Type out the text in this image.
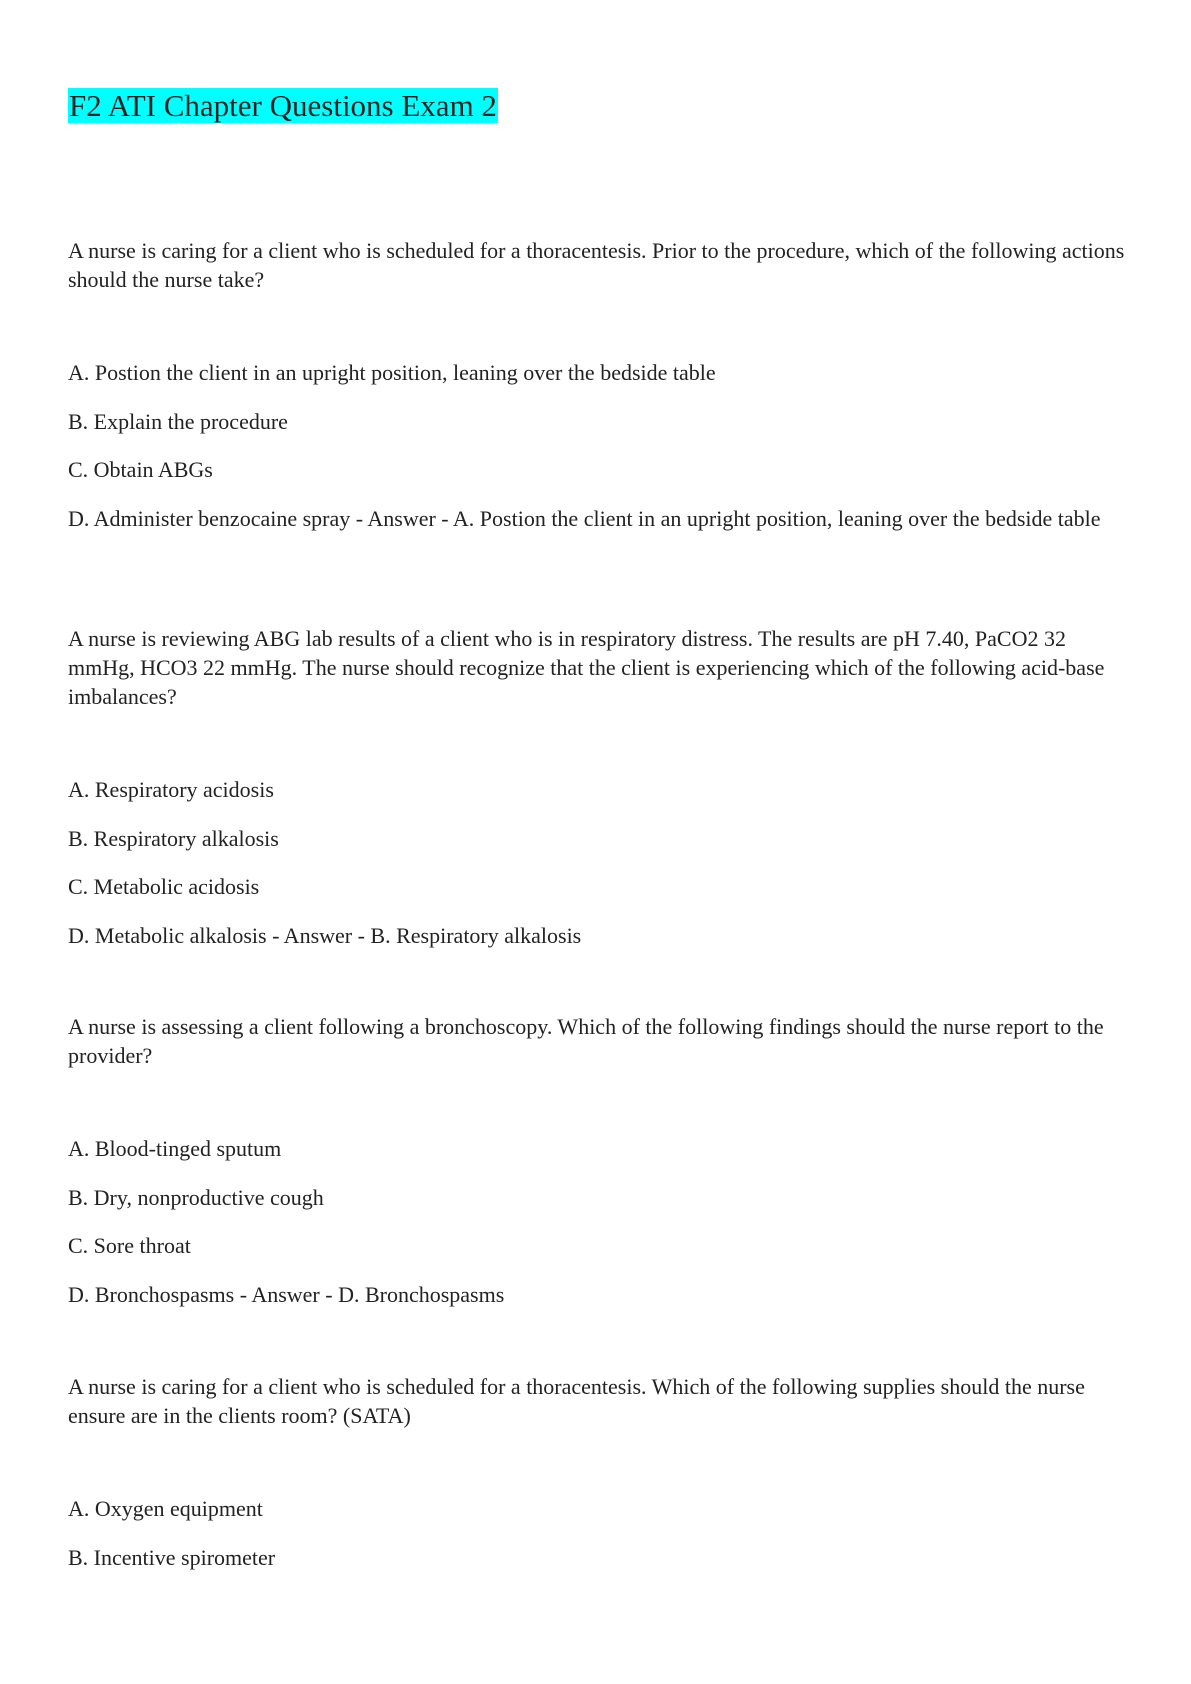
F2 ATI Chapter Questions Exam 2

A nurse is caring for a client who is scheduled for a thoracentesis. Prior to the procedure, which of the following actions should the nurse take?

A. Postion the client in an upright position, leaning over the bedside table

B. Explain the procedure

C. Obtain ABGs

D. Administer benzocaine spray - Answer - A. Postion the client in an upright position, leaning over the bedside table

A nurse is reviewing ABG lab results of a client who is in respiratory distress. The results are pH 7.40, PaCO2 32 mmHg, HCO3 22 mmHg. The nurse should recognize that the client is experiencing which of the following acid-base imbalances?

A. Respiratory acidosis

B. Respiratory alkalosis

C. Metabolic acidosis

D. Metabolic alkalosis - Answer - B. Respiratory alkalosis

A nurse is assessing a client following a bronchoscopy. Which of the following findings should the nurse report to the provider?

A. Blood-tinged sputum

B. Dry, nonproductive cough

C. Sore throat

D. Bronchospasms - Answer - D. Bronchospasms

A nurse is caring for a client who is scheduled for a thoracentesis. Which of the following supplies should the nurse ensure are in the clients room? (SATA)

A. Oxygen equipment

B. Incentive spirometer
